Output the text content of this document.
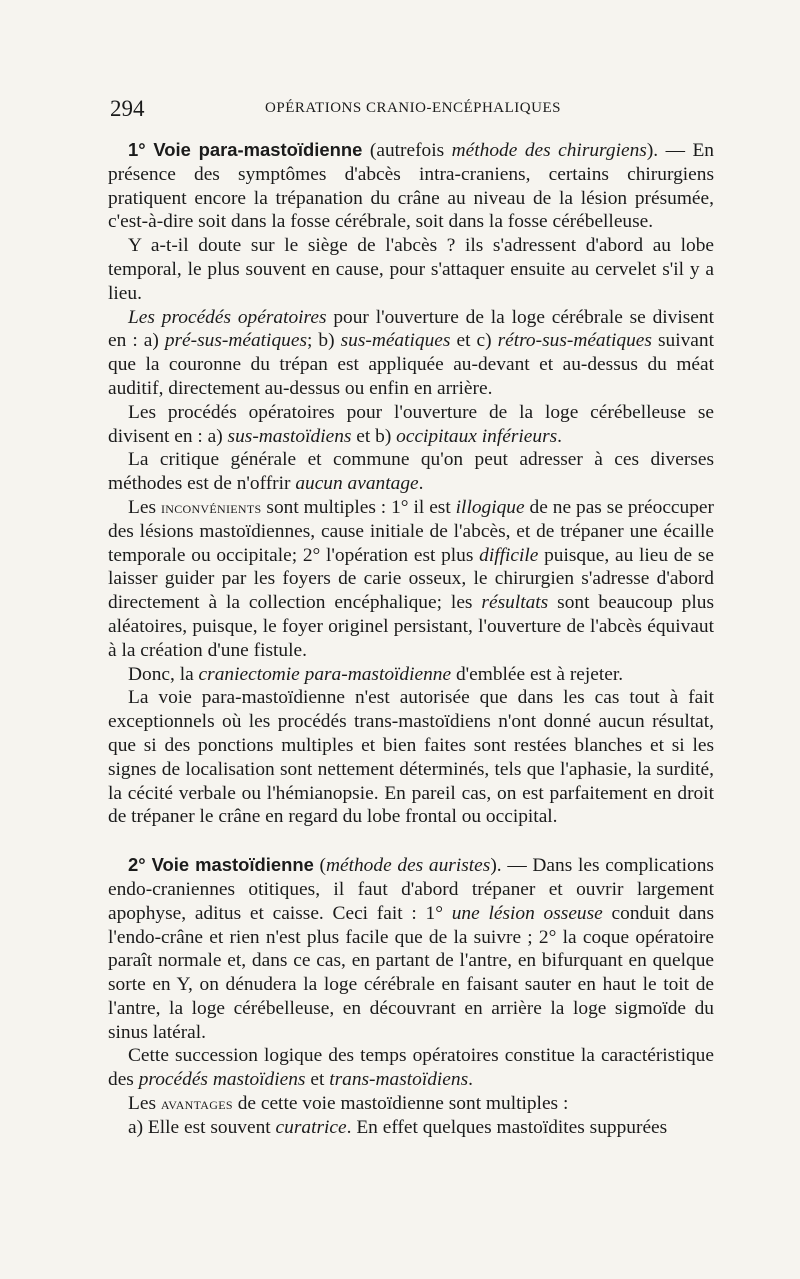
294	OPÉRATIONS CRANIO-ENCÉPHALIQUES

1° Voie para-mastoïdienne (autrefois méthode des chirurgiens). — En présence des symptômes d'abcès intra-craniens, certains chirurgiens pratiquent encore la trépanation du crâne au niveau de la lésion présumée, c'est-à-dire soit dans la fosse cérébrale, soit dans la fosse cérébelleuse.

Y a-t-il doute sur le siège de l'abcès ? ils s'adressent d'abord au lobe temporal, le plus souvent en cause, pour s'attaquer ensuite au cervelet s'il y a lieu.

Les procédés opératoires pour l'ouverture de la loge cérébrale se divisent en : a) pré-sus-méatiques; b) sus-méatiques et c) rétro-sus-méatiques suivant que la couronne du trépan est appliquée au-devant et au-dessus du méat auditif, directement au-dessus ou enfin en arrière.

Les procédés opératoires pour l'ouverture de la loge cérébelleuse se divisent en : a) sus-mastoïdiens et b) occipitaux inférieurs.

La critique générale et commune qu'on peut adresser à ces diverses méthodes est de n'offrir aucun avantage.

Les inconvénients sont multiples : 1° il est illogique de ne pas se préoccuper des lésions mastoïdiennes, cause initiale de l'abcès, et de trépaner une écaille temporale ou occipitale; 2° l'opération est plus difficile puisque, au lieu de se laisser guider par les foyers de carie osseux, le chirurgien s'adresse d'abord directement à la collection encéphalique; les résultats sont beaucoup plus aléatoires, puisque, le foyer originel persistant, l'ouverture de l'abcès équivaut à la création d'une fistule.

Donc, la craniectomie para-mastoïdienne d'emblée est à rejeter.

La voie para-mastoïdienne n'est autorisée que dans les cas tout à fait exceptionnels où les procédés trans-mastoïdiens n'ont donné aucun résultat, que si des ponctions multiples et bien faites sont restées blanches et si les signes de localisation sont nettement déterminés, tels que l'aphasie, la surdité, la cécité verbale ou l'hémianopsie. En pareil cas, on est parfaitement en droit de trépaner le crâne en regard du lobe frontal ou occipital.

2° Voie mastoïdienne (méthode des auristes). — Dans les complications endo-craniennes otitiques, il faut d'abord trépaner et ouvrir largement apophyse, aditus et caisse. Ceci fait : 1° une lésion osseuse conduit dans l'endo-crâne et rien n'est plus facile que de la suivre ; 2° la coque opératoire paraît normale et, dans ce cas, en partant de l'antre, en bifurquant en quelque sorte en Y, on dénudera la loge cérébrale en faisant sauter en haut le toit de l'antre, la loge cérébelleuse, en découvrant en arrière la loge sigmoïde du sinus latéral.

Cette succession logique des temps opératoires constitue la caractéristique des procédés mastoïdiens et trans-mastoïdiens.

Les avantages de cette voie mastoïdienne sont multiples :

a) Elle est souvent curatrice. En effet quelques mastoïdites suppurées
